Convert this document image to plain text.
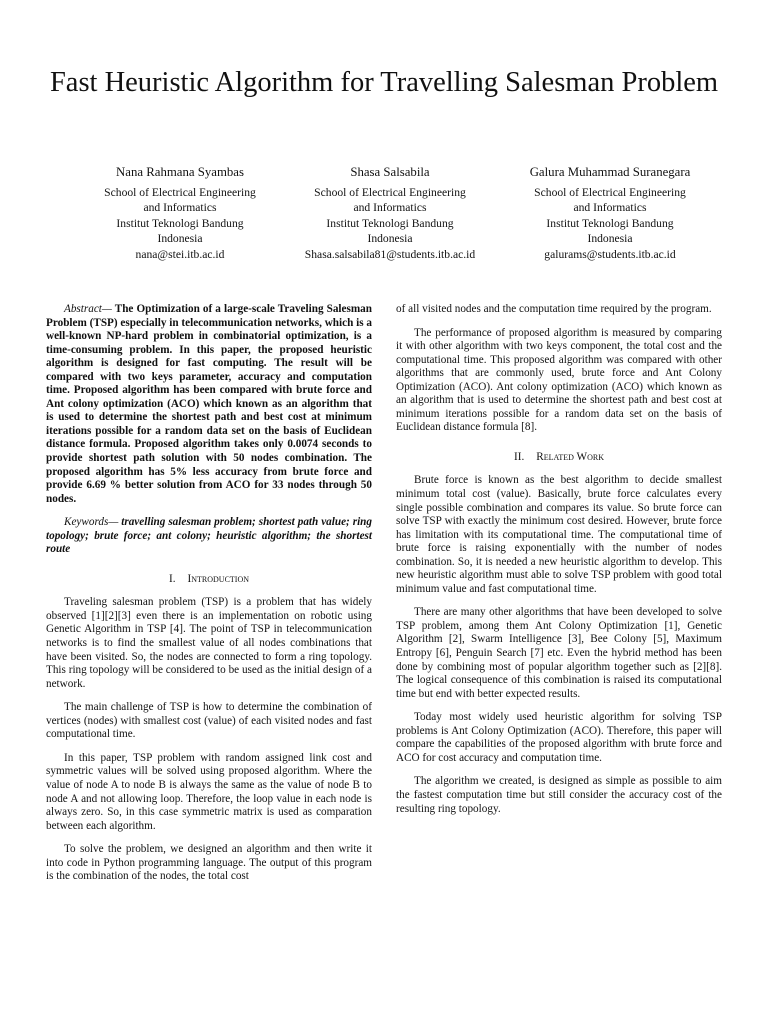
Fast Heuristic Algorithm for Travelling Salesman Problem
Nana Rahmana Syambas
School of Electrical Engineering
and Informatics
Institut Teknologi Bandung
Indonesia
nana@stei.itb.ac.id
Shasa Salsabila
School of Electrical Engineering
and Informatics
Institut Teknologi Bandung
Indonesia
Shasa.salsabila81@students.itb.ac.id
Galura Muhammad Suranegara
School of Electrical Engineering
and Informatics
Institut Teknologi Bandung
Indonesia
galurams@students.itb.ac.id

Abstract— The Optimization of a large-scale Traveling Salesman Problem (TSP) especially in telecommunication networks, which is a well-known NP-hard problem in combinatorial optimization, is a time-consuming problem. In this paper, the proposed heuristic algorithm is designed for fast computing. The result will be compared with two keys parameter, accuracy and computation time. Proposed algorithm has been compared with brute force and Ant colony optimization (ACO) which known as an algorithm that is used to determine the shortest path and best cost at minimum iterations possible for a random data set on the basis of Euclidean distance formula. Proposed algorithm takes only 0.0074 seconds to provide shortest path solution with 50 nodes combination. The proposed algorithm has 5% less accuracy from brute force and provide 6.69 % better solution from ACO for 33 nodes through 50 nodes.

Keywords— travelling salesman problem; shortest path value; ring topology; brute force; ant colony; heuristic algorithm; the shortest route

I. Introduction

Traveling salesman problem (TSP) is a problem that has widely observed [1][2][3] even there is an implementation on robotic using Genetic Algorithm in TSP [4]. The point of TSP in telecommunication networks is to find the smallest value of all nodes combinations that have been visited. So, the nodes are connected to form a ring topology. This ring topology will be considered to be used as the initial design of a network.

The main challenge of TSP is how to determine the combination of vertices (nodes) with smallest cost (value) of each visited nodes and fast computational time.

In this paper, TSP problem with random assigned link cost and symmetric values will be solved using proposed algorithm. Where the value of node A to node B is always the same as the value of node B to node A and not allowing loop. Therefore, the loop value in each node is always zero. So, in this case symmetric matrix is used as comparation between each algorithm.

To solve the problem, we designed an algorithm and then write it into code in Python programming language. The output of this program is the combination of the nodes, the total cost

of all visited nodes and the computation time required by the program.

The performance of proposed algorithm is measured by comparing it with other algorithm with two keys component, the total cost and the computational time. This proposed algorithm was compared with other algorithms that are commonly used, brute force and Ant Colony Optimization (ACO). Ant colony optimization (ACO) which known as an algorithm that is used to determine the shortest path and best cost at minimum iterations possible for a random data set on the basis of Euclidean distance formula [8].

II. Related Work

Brute force is known as the best algorithm to decide smallest minimum total cost (value). Basically, brute force calculates every single possible combination and compares its value. So brute force can solve TSP with exactly the minimum cost desired. However, brute force has limitation with its computational time. The computational time of brute force is raising exponentially with the number of nodes combination. So, it is needed a new heuristic algorithm to develop. This new heuristic algorithm must able to solve TSP problem with good total minimum value and fast computational time.

There are many other algorithms that have been developed to solve TSP problem, among them Ant Colony Optimization [1], Genetic Algorithm [2], Swarm Intelligence [3], Bee Colony [5], Maximum Entropy [6], Penguin Search [7] etc. Even the hybrid method has been done by combining most of popular algorithm together such as [2][8]. The logical consequence of this combination is raised its computational time but end with better expected results.

Today most widely used heuristic algorithm for solving TSP problems is Ant Colony Optimization (ACO). Therefore, this paper will compare the capabilities of the proposed algorithm with brute force and ACO for cost accuracy and computation time.

The algorithm we created, is designed as simple as possible to aim the fastest computation time but still consider the accuracy cost of the resulting ring topology.
